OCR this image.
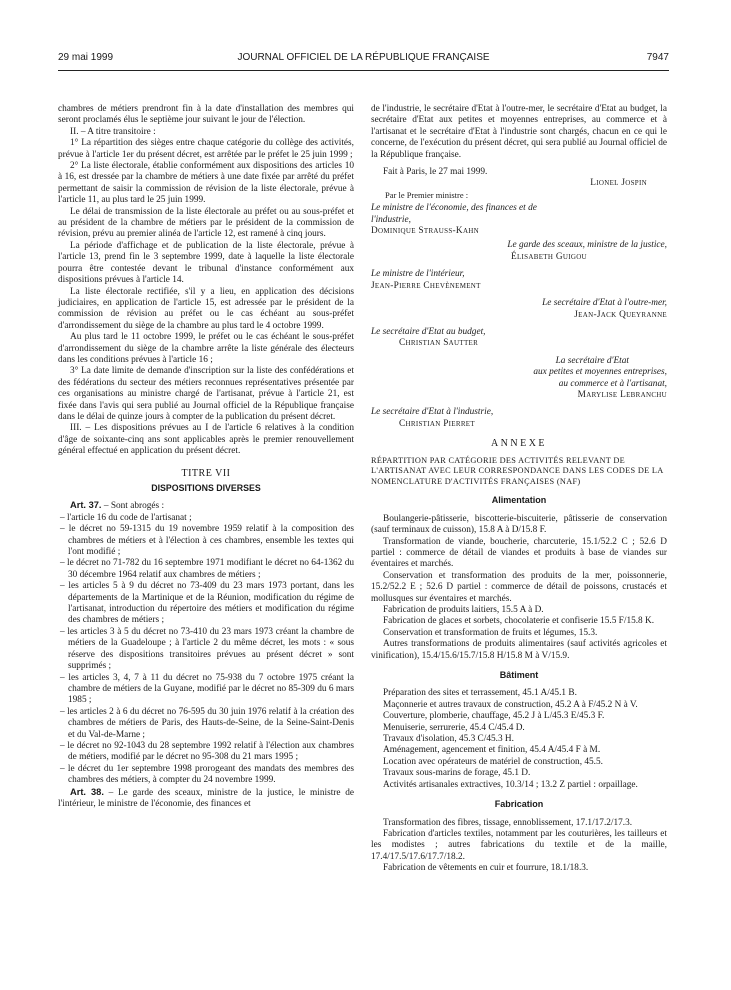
29 mai 1999	JOURNAL OFFICIEL DE LA RÉPUBLIQUE FRANÇAISE	7947

chambres de métiers prendront fin à la date d'installation des membres qui seront proclamés élus le septième jour suivant le jour de l'élection.

II. – A titre transitoire :

1° La répartition des sièges entre chaque catégorie du collège des activités, prévue à l'article 1er du présent décret, est arrêtée par le préfet le 25 juin 1999 ;

2° La liste électorale, établie conformément aux dispositions des articles 10 à 16, est dressée par la chambre de métiers à une date fixée par arrêté du préfet permettant de saisir la commission de révision de la liste électorale, prévue à l'article 11, au plus tard le 25 juin 1999.

Le délai de transmission de la liste électorale au préfet ou au sous-préfet et au président de la chambre de métiers par le président de la commission de révision, prévu au premier alinéa de l'article 12, est ramené à cinq jours.

La période d'affichage et de publication de la liste électorale, prévue à l'article 13, prend fin le 3 septembre 1999, date à laquelle la liste électorale pourra être contestée devant le tribunal d'instance conformément aux dispositions prévues à l'article 14.

La liste électorale rectifiée, s'il y a lieu, en application des décisions judiciaires, en application de l'article 15, est adressée par le président de la commission de révision au préfet ou le cas échéant au sous-préfet d'arrondissement du siège de la chambre au plus tard le 4 octobre 1999.

Au plus tard le 11 octobre 1999, le préfet ou le cas échéant le sous-préfet d'arrondissement du siège de la chambre arrête la liste générale des électeurs dans les conditions prévues à l'article 16 ;

3° La date limite de demande d'inscription sur la liste des confédérations et des fédérations du secteur des métiers reconnues représentatives présentée par ces organisations au ministre chargé de l'artisanat, prévue à l'article 21, est fixée dans l'avis qui sera publié au Journal officiel de la République française dans le délai de quinze jours à compter de la publication du présent décret.

III. – Les dispositions prévues au I de l'article 6 relatives à la condition d'âge de soixante-cinq ans sont applicables après le premier renouvellement général effectué en application du présent décret.

TITRE VII

DISPOSITIONS DIVERSES

Art. 37. – Sont abrogés :

– l'article 16 du code de l'artisanat ;

– le décret no 59-1315 du 19 novembre 1959 relatif à la composition des chambres de métiers et à l'élection à ces chambres, ensemble les textes qui l'ont modifié ;

– le décret no 71-782 du 16 septembre 1971 modifiant le décret no 64-1362 du 30 décembre 1964 relatif aux chambres de métiers ;

– les articles 5 à 9 du décret no 73-409 du 23 mars 1973 portant, dans les départements de la Martinique et de la Réunion, modification du régime de l'artisanat, introduction du répertoire des métiers et modification du régime des chambres de métiers ;

– les articles 3 à 5 du décret no 73-410 du 23 mars 1973 créant la chambre de métiers de la Guadeloupe ; à l'article 2 du même décret, les mots : « sous réserve des dispositions transitoires prévues au présent décret » sont supprimés ;

– les articles 3, 4, 7 à 11 du décret no 75-938 du 7 octobre 1975 créant la chambre de métiers de la Guyane, modifié par le décret no 85-309 du 6 mars 1985 ;

– les articles 2 à 6 du décret no 76-595 du 30 juin 1976 relatif à la création des chambres de métiers de Paris, des Hauts-de-Seine, de la Seine-Saint-Denis et du Val-de-Marne ;

– le décret no 92-1043 du 28 septembre 1992 relatif à l'élection aux chambres de métiers, modifié par le décret no 95-308 du 21 mars 1995 ;

– le décret du 1er septembre 1998 prorogeant des mandats des membres des chambres des métiers, à compter du 24 novembre 1999.

Art. 38. – Le garde des sceaux, ministre de la justice, le ministre de l'intérieur, le ministre de l'économie, des finances et

de l'industrie, le secrétaire d'Etat à l'outre-mer, le secrétaire d'Etat au budget, la secrétaire d'Etat aux petites et moyennes entreprises, au commerce et à l'artisanat et le secrétaire d'Etat à l'industrie sont chargés, chacun en ce qui le concerne, de l'exécution du présent décret, qui sera publié au Journal officiel de la République française.

Fait à Paris, le 27 mai 1999.

Lionel Jospin

Par le Premier ministre :

Le ministre de l'économie, des finances et de l'industrie,

Dominique Strauss-Kahn

Le garde des sceaux, ministre de la justice,

Élisabeth Guigou

Le ministre de l'intérieur,

Jean-Pierre Chevènement

Le secrétaire d'Etat à l'outre-mer,

Jean-Jack Queyranne

Le secrétaire d'Etat au budget,

Christian Sautter

La secrétaire d'Etat

aux petites et moyennes entreprises,

au commerce et à l'artisanat,

Marylise Lebranchu

Le secrétaire d'Etat à l'industrie,

Christian Pierret

ANNEXE

RÉPARTITION PAR CATÉGORIE DES ACTIVITÉS RELEVANT DE L'ARTISANAT AVEC LEUR CORRESPONDANCE DANS LES CODES DE LA NOMENCLATURE D'ACTIVITÉS FRANÇAISES (NAF)

Alimentation

Boulangerie-pâtisserie, biscotterie-biscuiterie, pâtisserie de conservation (sauf terminaux de cuisson), 15.8 A à D/15.8 F.

Transformation de viande, boucherie, charcuterie, 15.1/52.2 C ; 52.6 D partiel : commerce de détail de viandes et produits à base de viandes sur éventaires et marchés.

Conservation et transformation des produits de la mer, poissonnerie, 15.2/52.2 E ; 52.6 D partiel : commerce de détail de poissons, crustacés et mollusques sur éventaires et marchés.

Fabrication de produits laitiers, 15.5 A à D.

Fabrication de glaces et sorbets, chocolaterie et confiserie 15.5 F/15.8 K.

Conservation et transformation de fruits et légumes, 15.3.

Autres transformations de produits alimentaires (sauf activités agricoles et vinification), 15.4/15.6/15.7/15.8 H/15.8 M à V/15.9.

Bâtiment

Préparation des sites et terrassement, 45.1 A/45.1 B.

Maçonnerie et autres travaux de construction, 45.2 A à F/45.2 N à V.

Couverture, plomberie, chauffage, 45.2 J à L/45.3 E/45.3 F.

Menuiserie, serrurerie, 45.4 C/45.4 D.

Travaux d'isolation, 45.3 C/45.3 H.

Aménagement, agencement et finition, 45.4 A/45.4 F à M.

Location avec opérateurs de matériel de construction, 45.5.

Travaux sous-marins de forage, 45.1 D.

Activités artisanales extractives, 10.3/14 ; 13.2 Z partiel : orpaillage.

Fabrication

Transformation des fibres, tissage, ennoblissement, 17.1/17.2/17.3.

Fabrication d'articles textiles, notamment par les couturières, les tailleurs et les modistes ; autres fabrications du textile et de la maille, 17.4/17.5/17.6/17.7/18.2.

Fabrication de vêtements en cuir et fourrure, 18.1/18.3.
